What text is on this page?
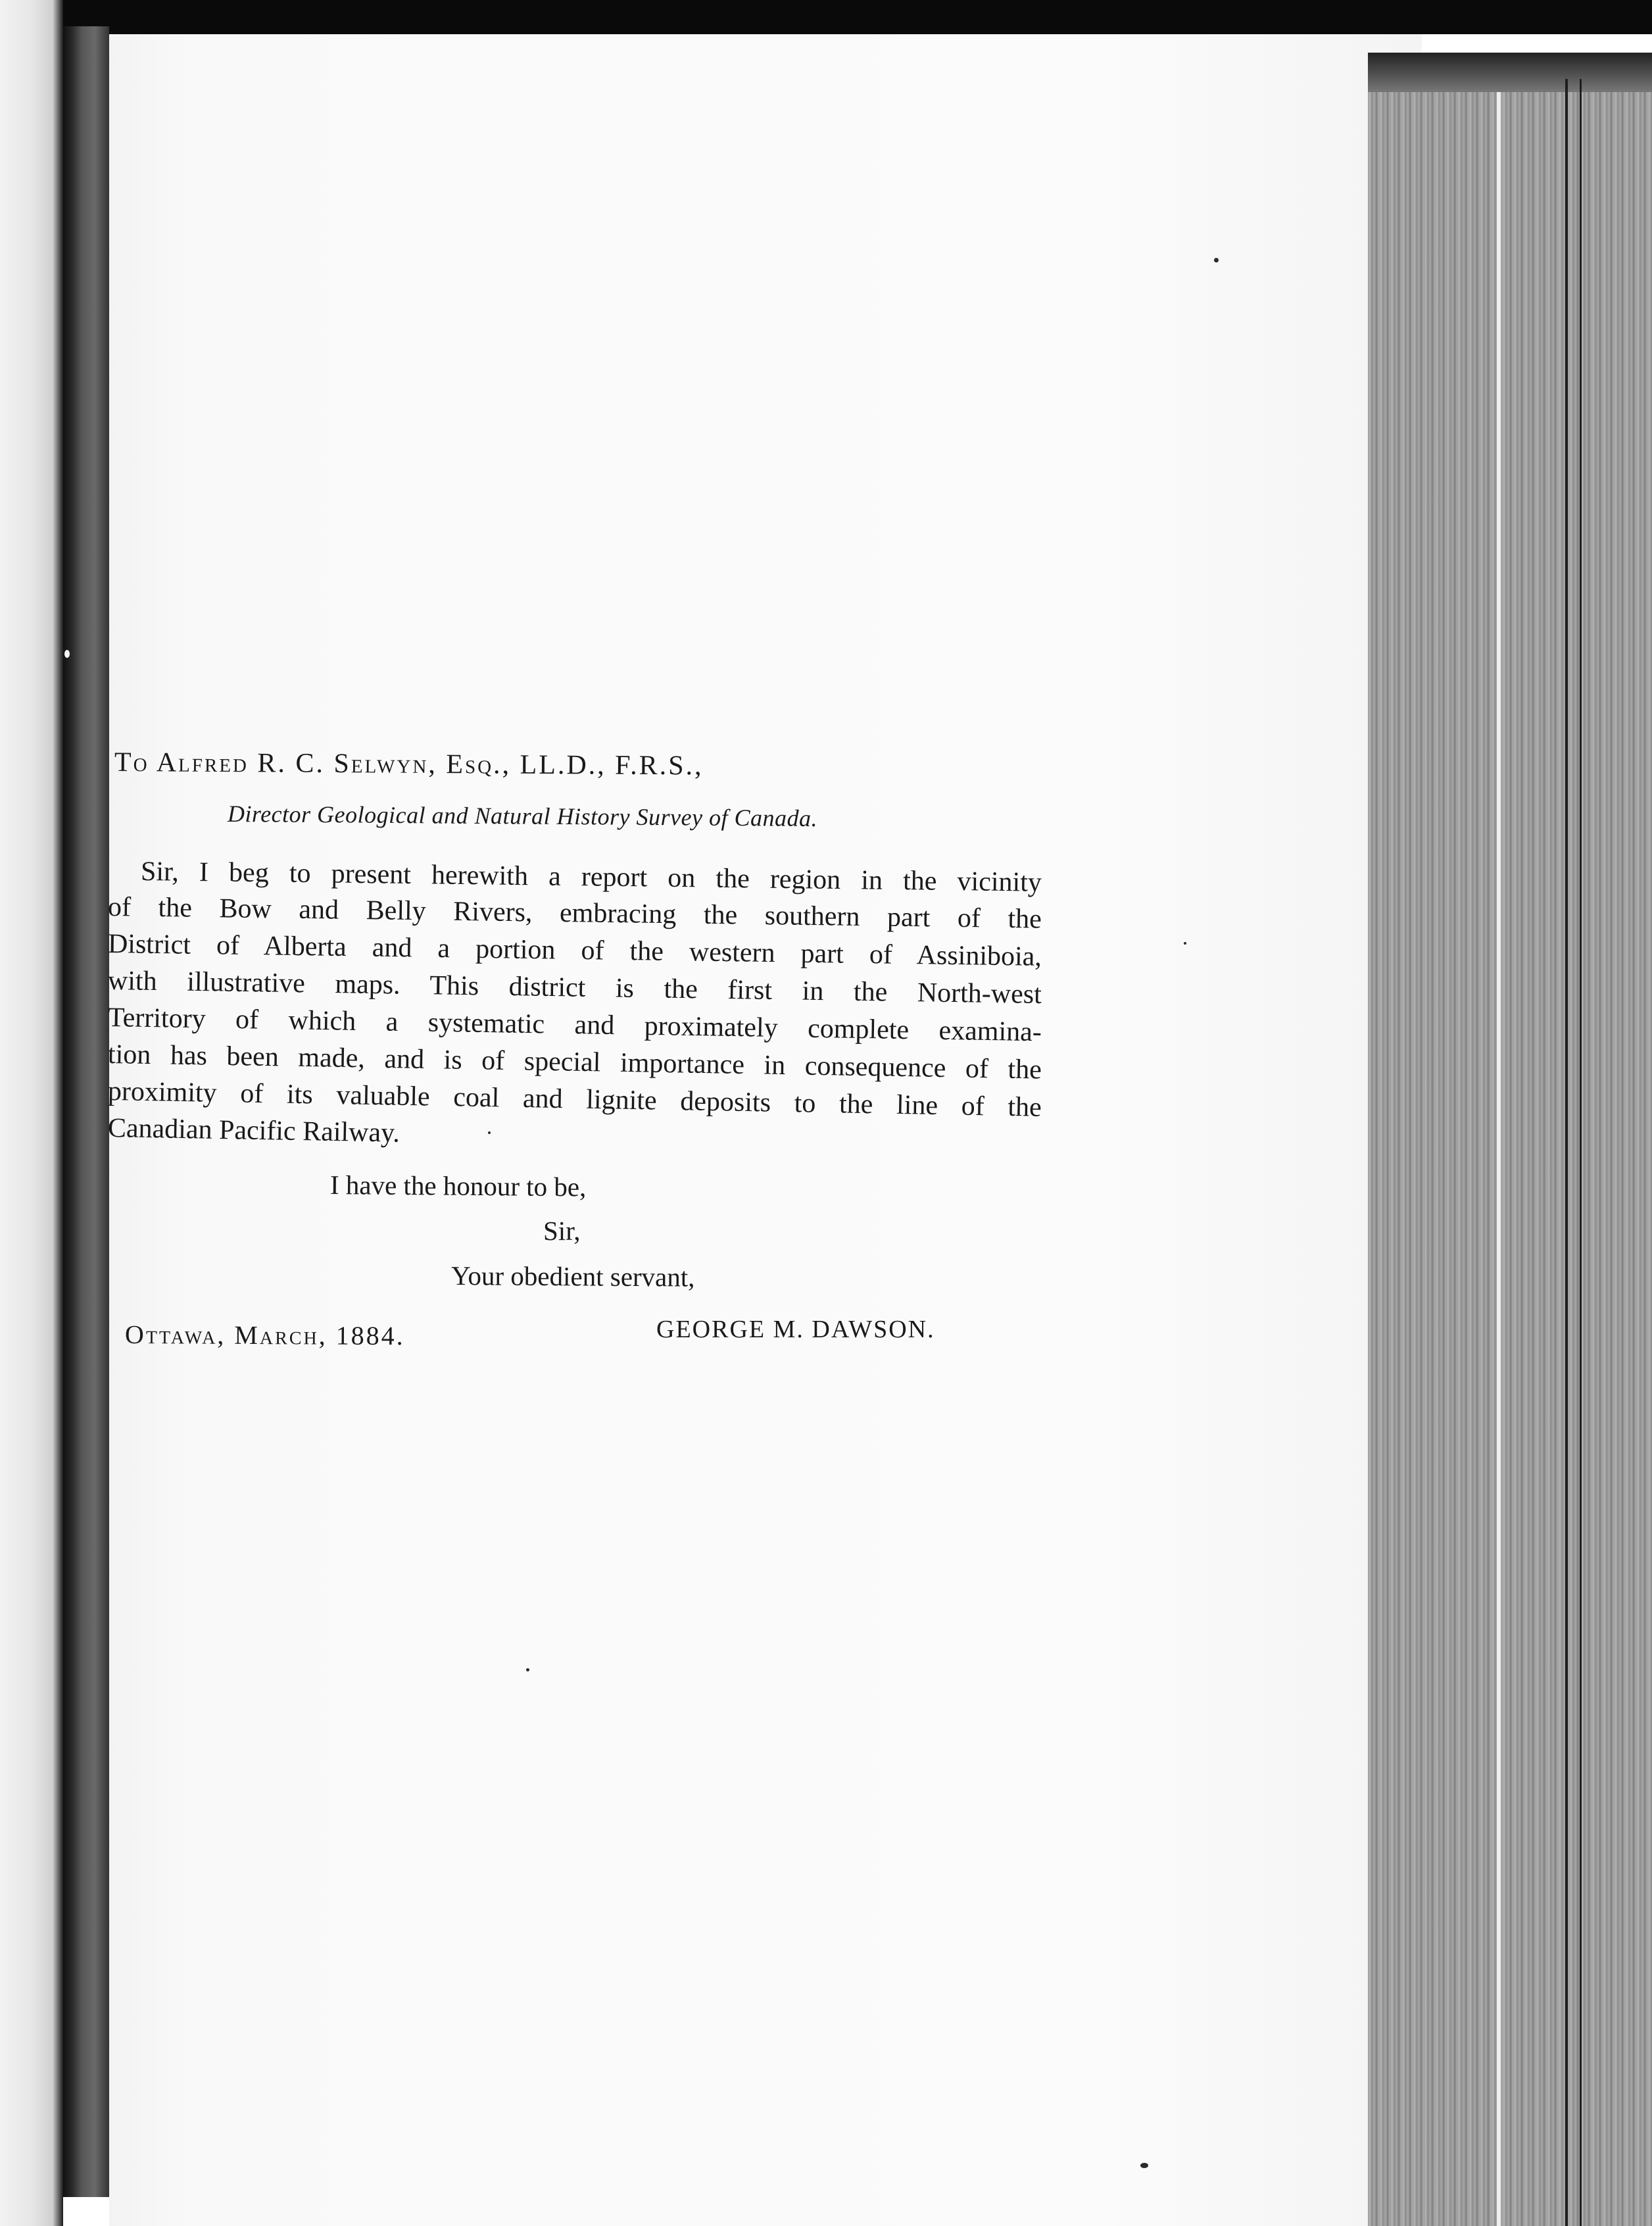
To Alfred R. C. Selwyn, Esq., LL.D., F.R.S.,

Director Geological and Natural History Survey of Canada.

Sir, I beg to present herewith a report on the region in the vicinity

of the Bow and Belly Rivers, embracing the southern part of the

District of Alberta and a portion of the western part of Assiniboia,

with illustrative maps. This district is the first in the North-west

Territory of which a systematic and proximately complete examina-

tion has been made, and is of special importance in consequence of the

proximity of its valuable coal and lignite deposits to the line of the

Canadian Pacific Railway.

I have the honour to be,

Sir,

Your obedient servant,

Ottawa, March, 1884.	GEORGE M. DAWSON.
